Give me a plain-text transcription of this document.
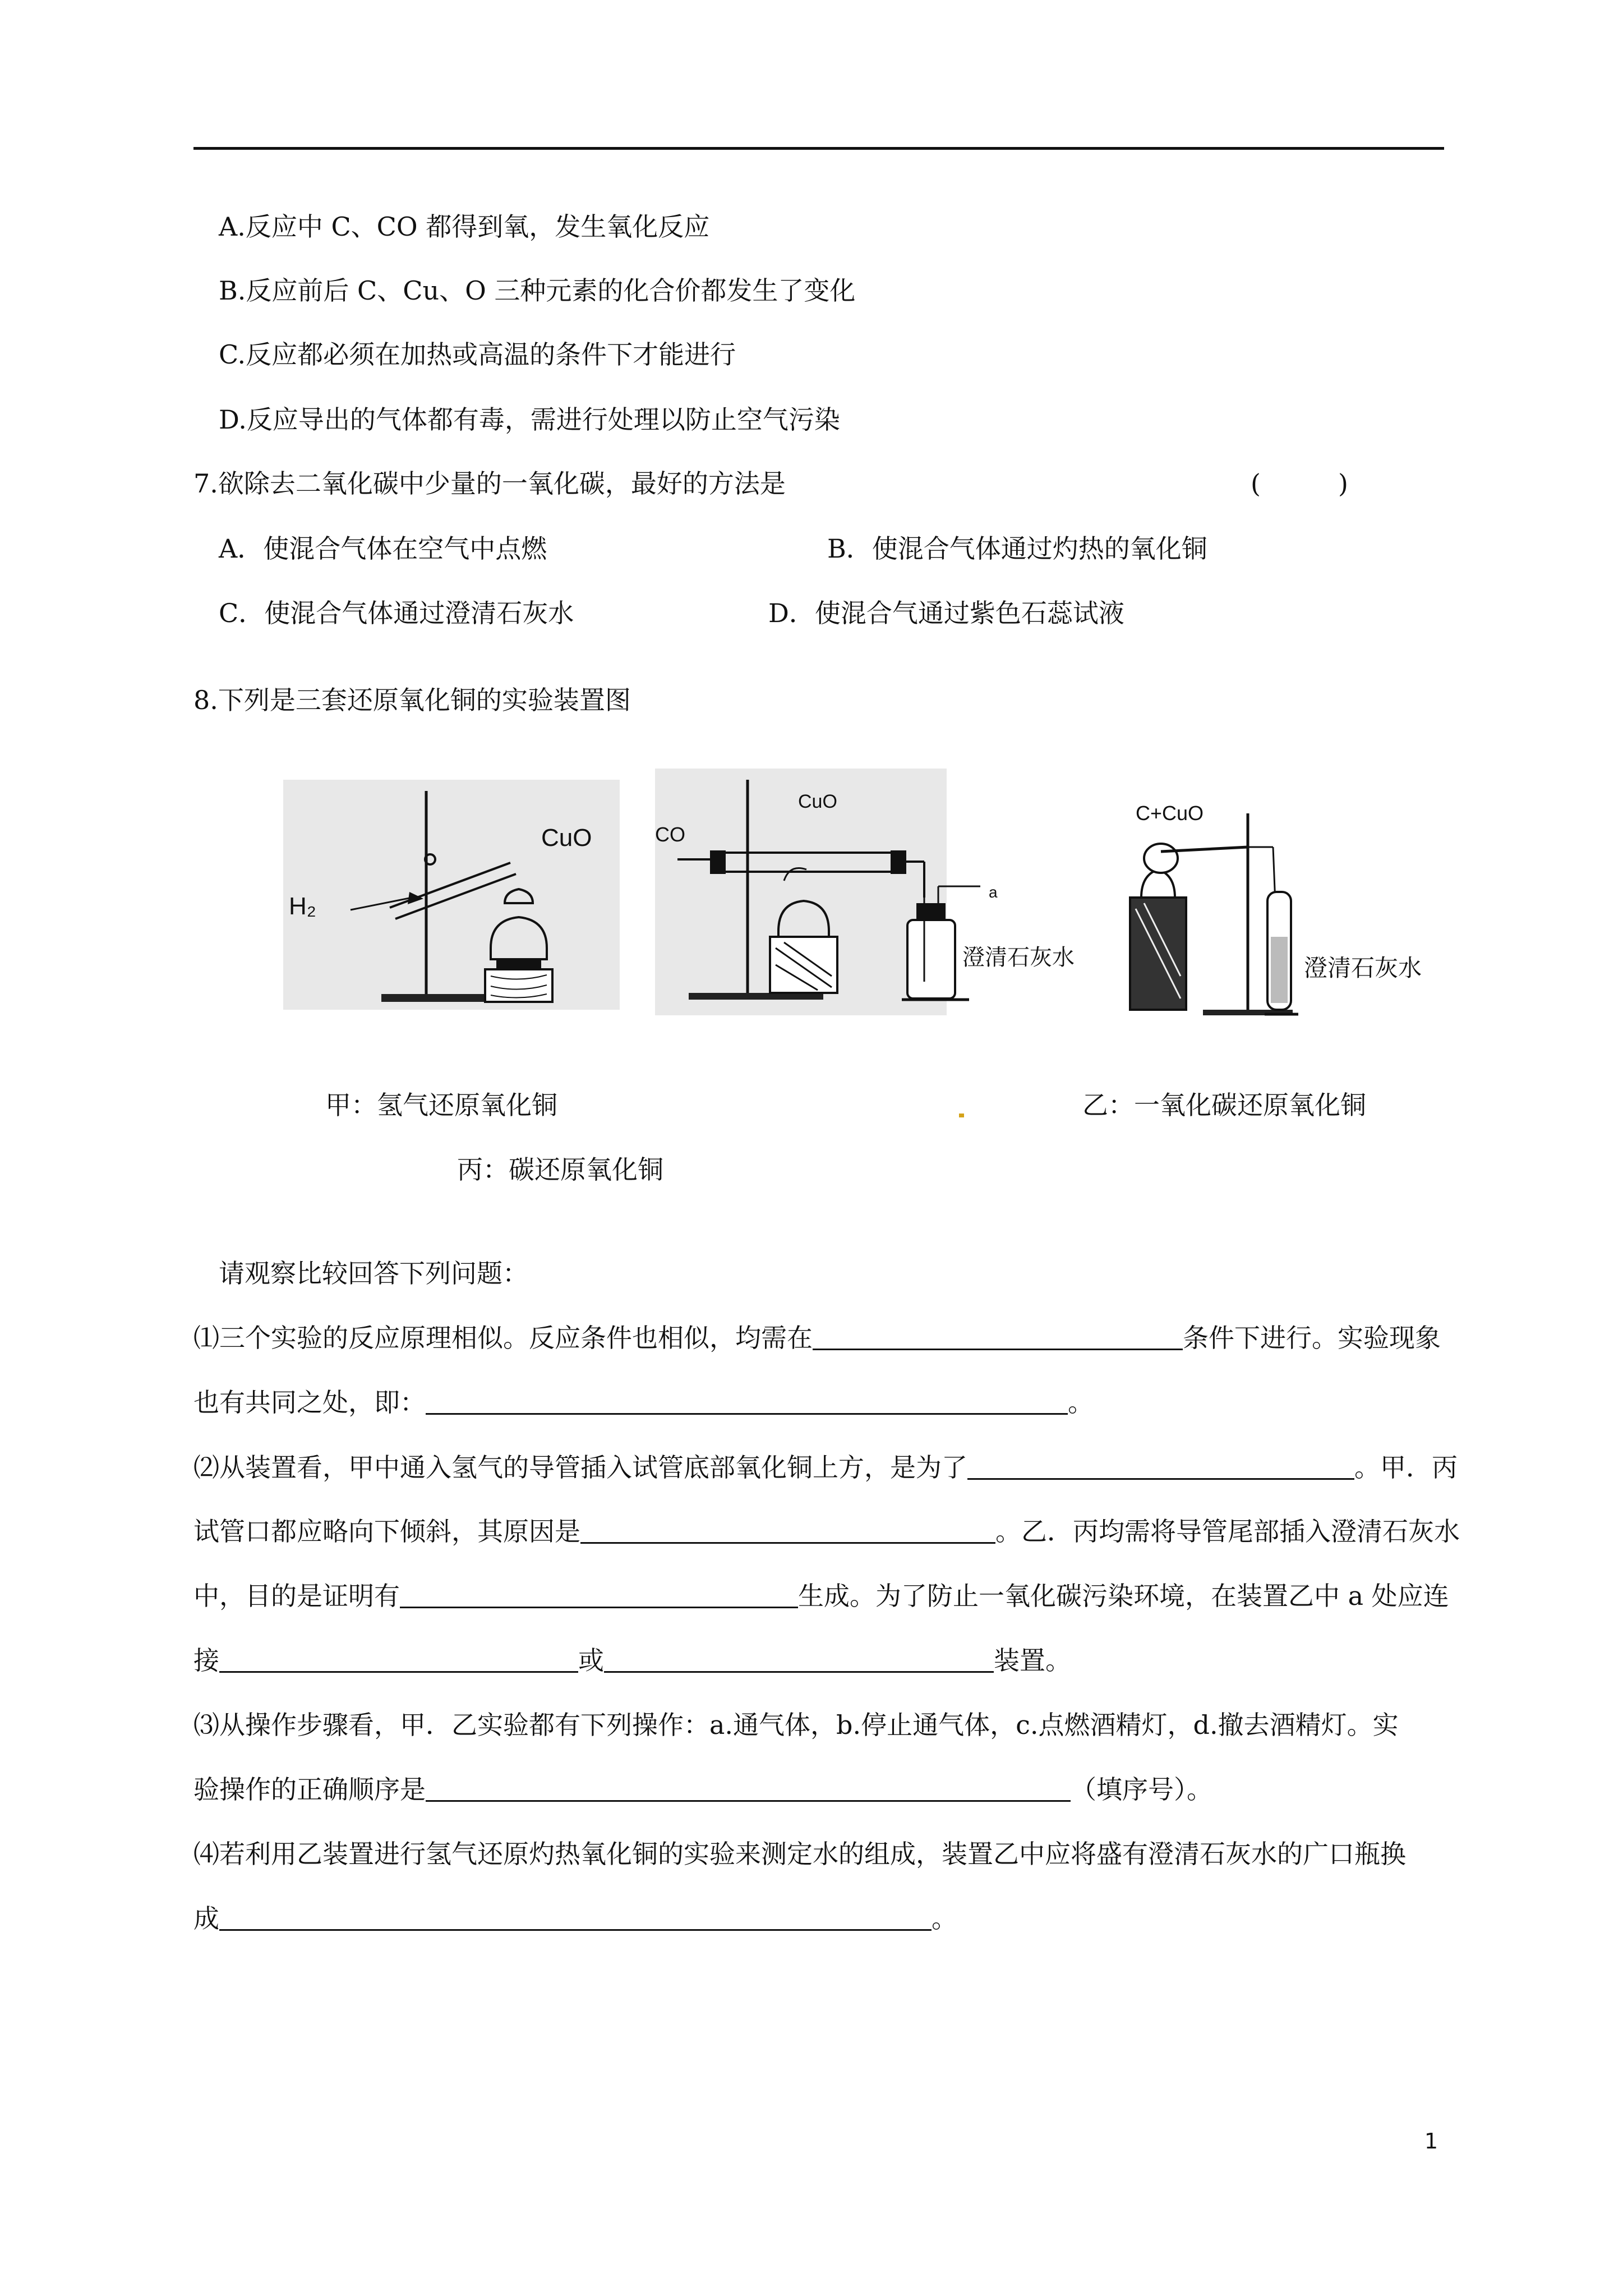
A.反应中 C、CO 都得到氧，发生氧化反应
B.反应前后 C、Cu、O 三种元素的化合价都发生了变化
C.反应都必须在加热或高温的条件下才能进行
D.反应导出的气体都有毒，需进行处理以防止空气污染
7.欲除去二氧化碳中少量的一氧化碳，最好的方法是	(　　　)
A．使混合气体在空气中点燃	B．使混合气体通过灼热的氧化铜
C．使混合气体通过澄清石灰水	D．使混合气通过紫色石蕊试液
8.下列是三套还原氧化铜的实验装置图
H₂
CuO	CO
CuO
a
澄清石灰水
C+CuO
澄清石灰水
甲：氢气还原氧化铜	乙：一氧化碳还原氧化铜
丙：碳还原氧化铜
请观察比较回答下列问题：
⑴三个实验的反应原理相似。反应条件也相似，均需在	条件下进行。实验现象
也有共同之处，即：	。
⑵从装置看，甲中通入氢气的导管插入试管底部氧化铜上方，是为了	。甲．丙
试管口都应略向下倾斜，其原因是	。乙．丙均需将导管尾部插入澄清石灰水
中，目的是证明有	生成。为了防止一氧化碳污染环境，在装置乙中 a 处应连
接	或	装置。
⑶从操作步骤看，甲．乙实验都有下列操作：a.通气体，b.停止通气体，c.点燃酒精灯，d.撤去酒精灯。实
验操作的正确顺序是	（填序号）。
⑷若利用乙装置进行氢气还原灼热氧化铜的实验来测定水的组成，装置乙中应将盛有澄清石灰水的广口瓶换
成	。
1
